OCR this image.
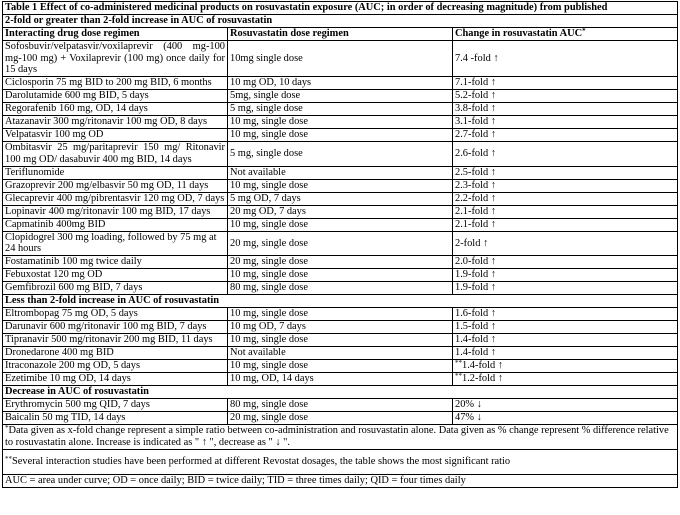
Table 1 Effect of co-administered medicinal products on rosuvastatin exposure (AUC; in order of decreasing magnitude) from published		
2-fold or greater than 2-fold increase in AUC of rosuvastatin		
Interacting drug dose regimen	Rosuvastatin dose regimen	Change in rosuvastatin AUC*
Sofosbuvir/velpatasvir/voxilaprevir (400 mg-100 mg-100 mg) + Voxilaprevir (100 mg) once daily for 15 days	10mg single dose	7.4 -fold ↑
Ciclosporin 75 mg BID to 200 mg BID, 6 months	10 mg OD, 10 days	7.1-fold ↑
Darolutamide 600 mg BID, 5 days	5mg, single dose	5.2-fold ↑
Regorafenib 160 mg, OD, 14 days	5 mg, single dose	3.8-fold ↑
Atazanavir 300 mg/ritonavir 100 mg OD, 8 days	10 mg, single dose	3.1-fold ↑
Velpatasvir 100 mg OD	10 mg, single dose	2.7-fold ↑
Ombitasvir 25 mg/paritaprevir 150 mg/ Ritonavir 100 mg OD/ dasabuvir 400 mg BID, 14 days	5 mg, single dose	2.6-fold ↑
Teriflunomide	Not available	2.5-fold ↑
Grazoprevir 200 mg/elbasvir 50 mg OD, 11 days	10 mg, single dose	2.3-fold ↑
Glecaprevir 400 mg/pibrentasvir 120 mg OD, 7 days	5 mg OD, 7 days	2.2-fold ↑
Lopinavir 400 mg/ritonavir 100 mg BID, 17 days	20 mg OD, 7 days	2.1-fold ↑
Capmatinib 400mg BID	10 mg, single dose	2.1-fold ↑
Clopidogrel 300 mg loading, followed by 75 mg at 24 hours	20 mg, single dose	2-fold ↑
Fostamatinib 100 mg twice daily	20 mg, single dose	2.0-fold ↑
Febuxostat 120 mg OD	10 mg, single dose	1.9-fold ↑
Gemfibrozil 600 mg BID, 7 days	80 mg, single dose	1.9-fold ↑
Less than 2-fold increase in AUC of rosuvastatin		
Eltrombopag 75 mg OD, 5 days	10 mg, single dose	1.6-fold ↑
Darunavir 600 mg/ritonavir 100 mg BID, 7 days	10 mg OD, 7 days	1.5-fold ↑
Tipranavir 500 mg/ritonavir 200 mg BID, 11 days	10 mg, single dose	1.4-fold ↑
Dronedarone 400 mg BID	Not available	1.4-fold ↑
Itraconazole 200 mg OD, 5 days	10 mg, single dose	**1.4-fold ↑
Ezetimibe 10 mg OD, 14 days	10 mg, OD, 14 days	**1.2-fold ↑
Decrease in AUC of rosuvastatin		
Erythromycin 500 mg QID, 7 days	80 mg, single dose	20% ↓
Baicalin 50 mg TID, 14 days	20 mg, single dose	47% ↓
*Data given as x-fold change represent a simple ratio between co-administration and rosuvastatin alone. Data given as % change represent % difference relative to rosuvastatin alone. Increase is indicated as " ↑ ", decrease as " ↓ ".		
**Several interaction studies have been performed at different Revostat dosages, the table shows the most significant ratio		
AUC = area under curve; OD = once daily; BID = twice daily; TID = three times daily; QID = four times daily		
